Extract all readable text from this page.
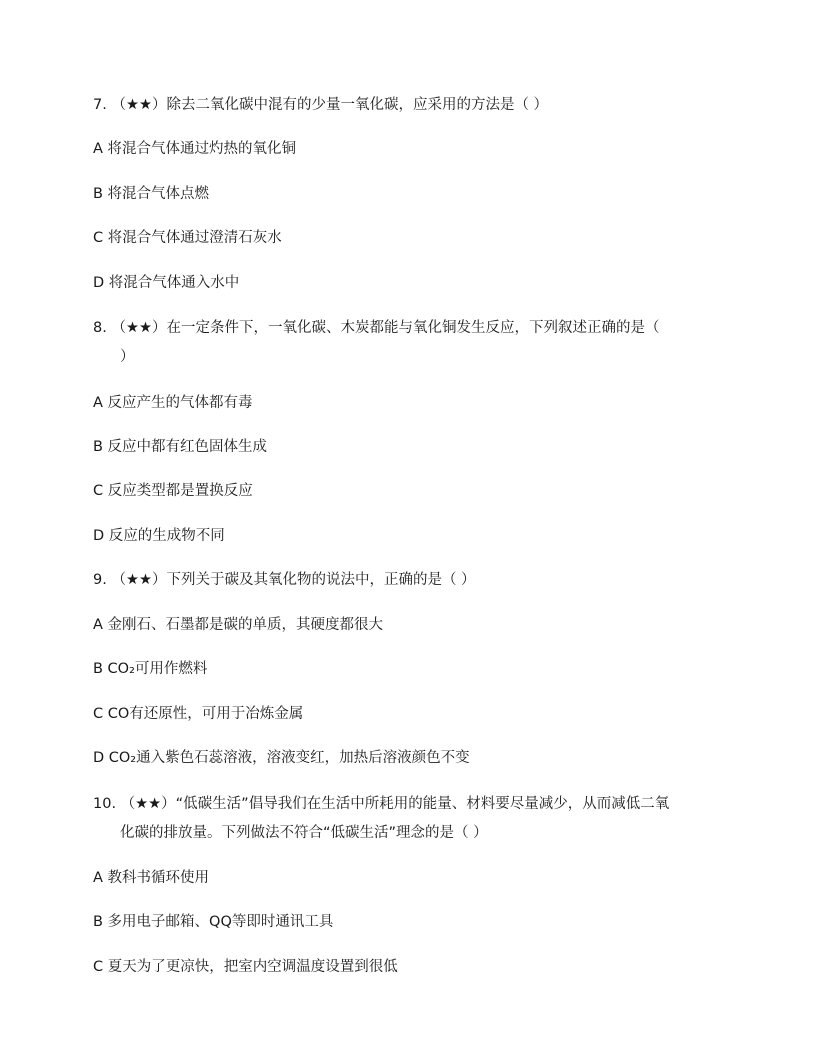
7. （★★）除去二氧化碳中混有的少量一氧化碳，应采用的方法是（ ）
A 将混合气体通过灼热的氧化铜
B 将混合气体点燃
C 将混合气体通过澄清石灰水
D 将混合气体通入水中
8. （★★）在一定条件下，一氧化碳、木炭都能与氧化铜发生反应，下列叙述正确的是（
）
A 反应产生的气体都有毒
B 反应中都有红色固体生成
C 反应类型都是置换反应
D 反应的生成物不同
9. （★★）下列关于碳及其氧化物的说法中，正确的是（ ）
A 金刚石、石墨都是碳的单质，其硬度都很大
B CO₂可用作燃料
C CO有还原性，可用于冶炼金属
D CO₂通入紫色石蕊溶液，溶液变红，加热后溶液颜色不变
10. （★★）“低碳生活”倡导我们在生活中所耗用的能量、材料要尽量减少，从而减低二氧
化碳的排放量。下列做法不符合“低碳生活”理念的是（ ）
A 教科书循环使用
B 多用电子邮箱、QQ等即时通讯工具
C 夏天为了更凉快，把室内空调温度设置到很低
